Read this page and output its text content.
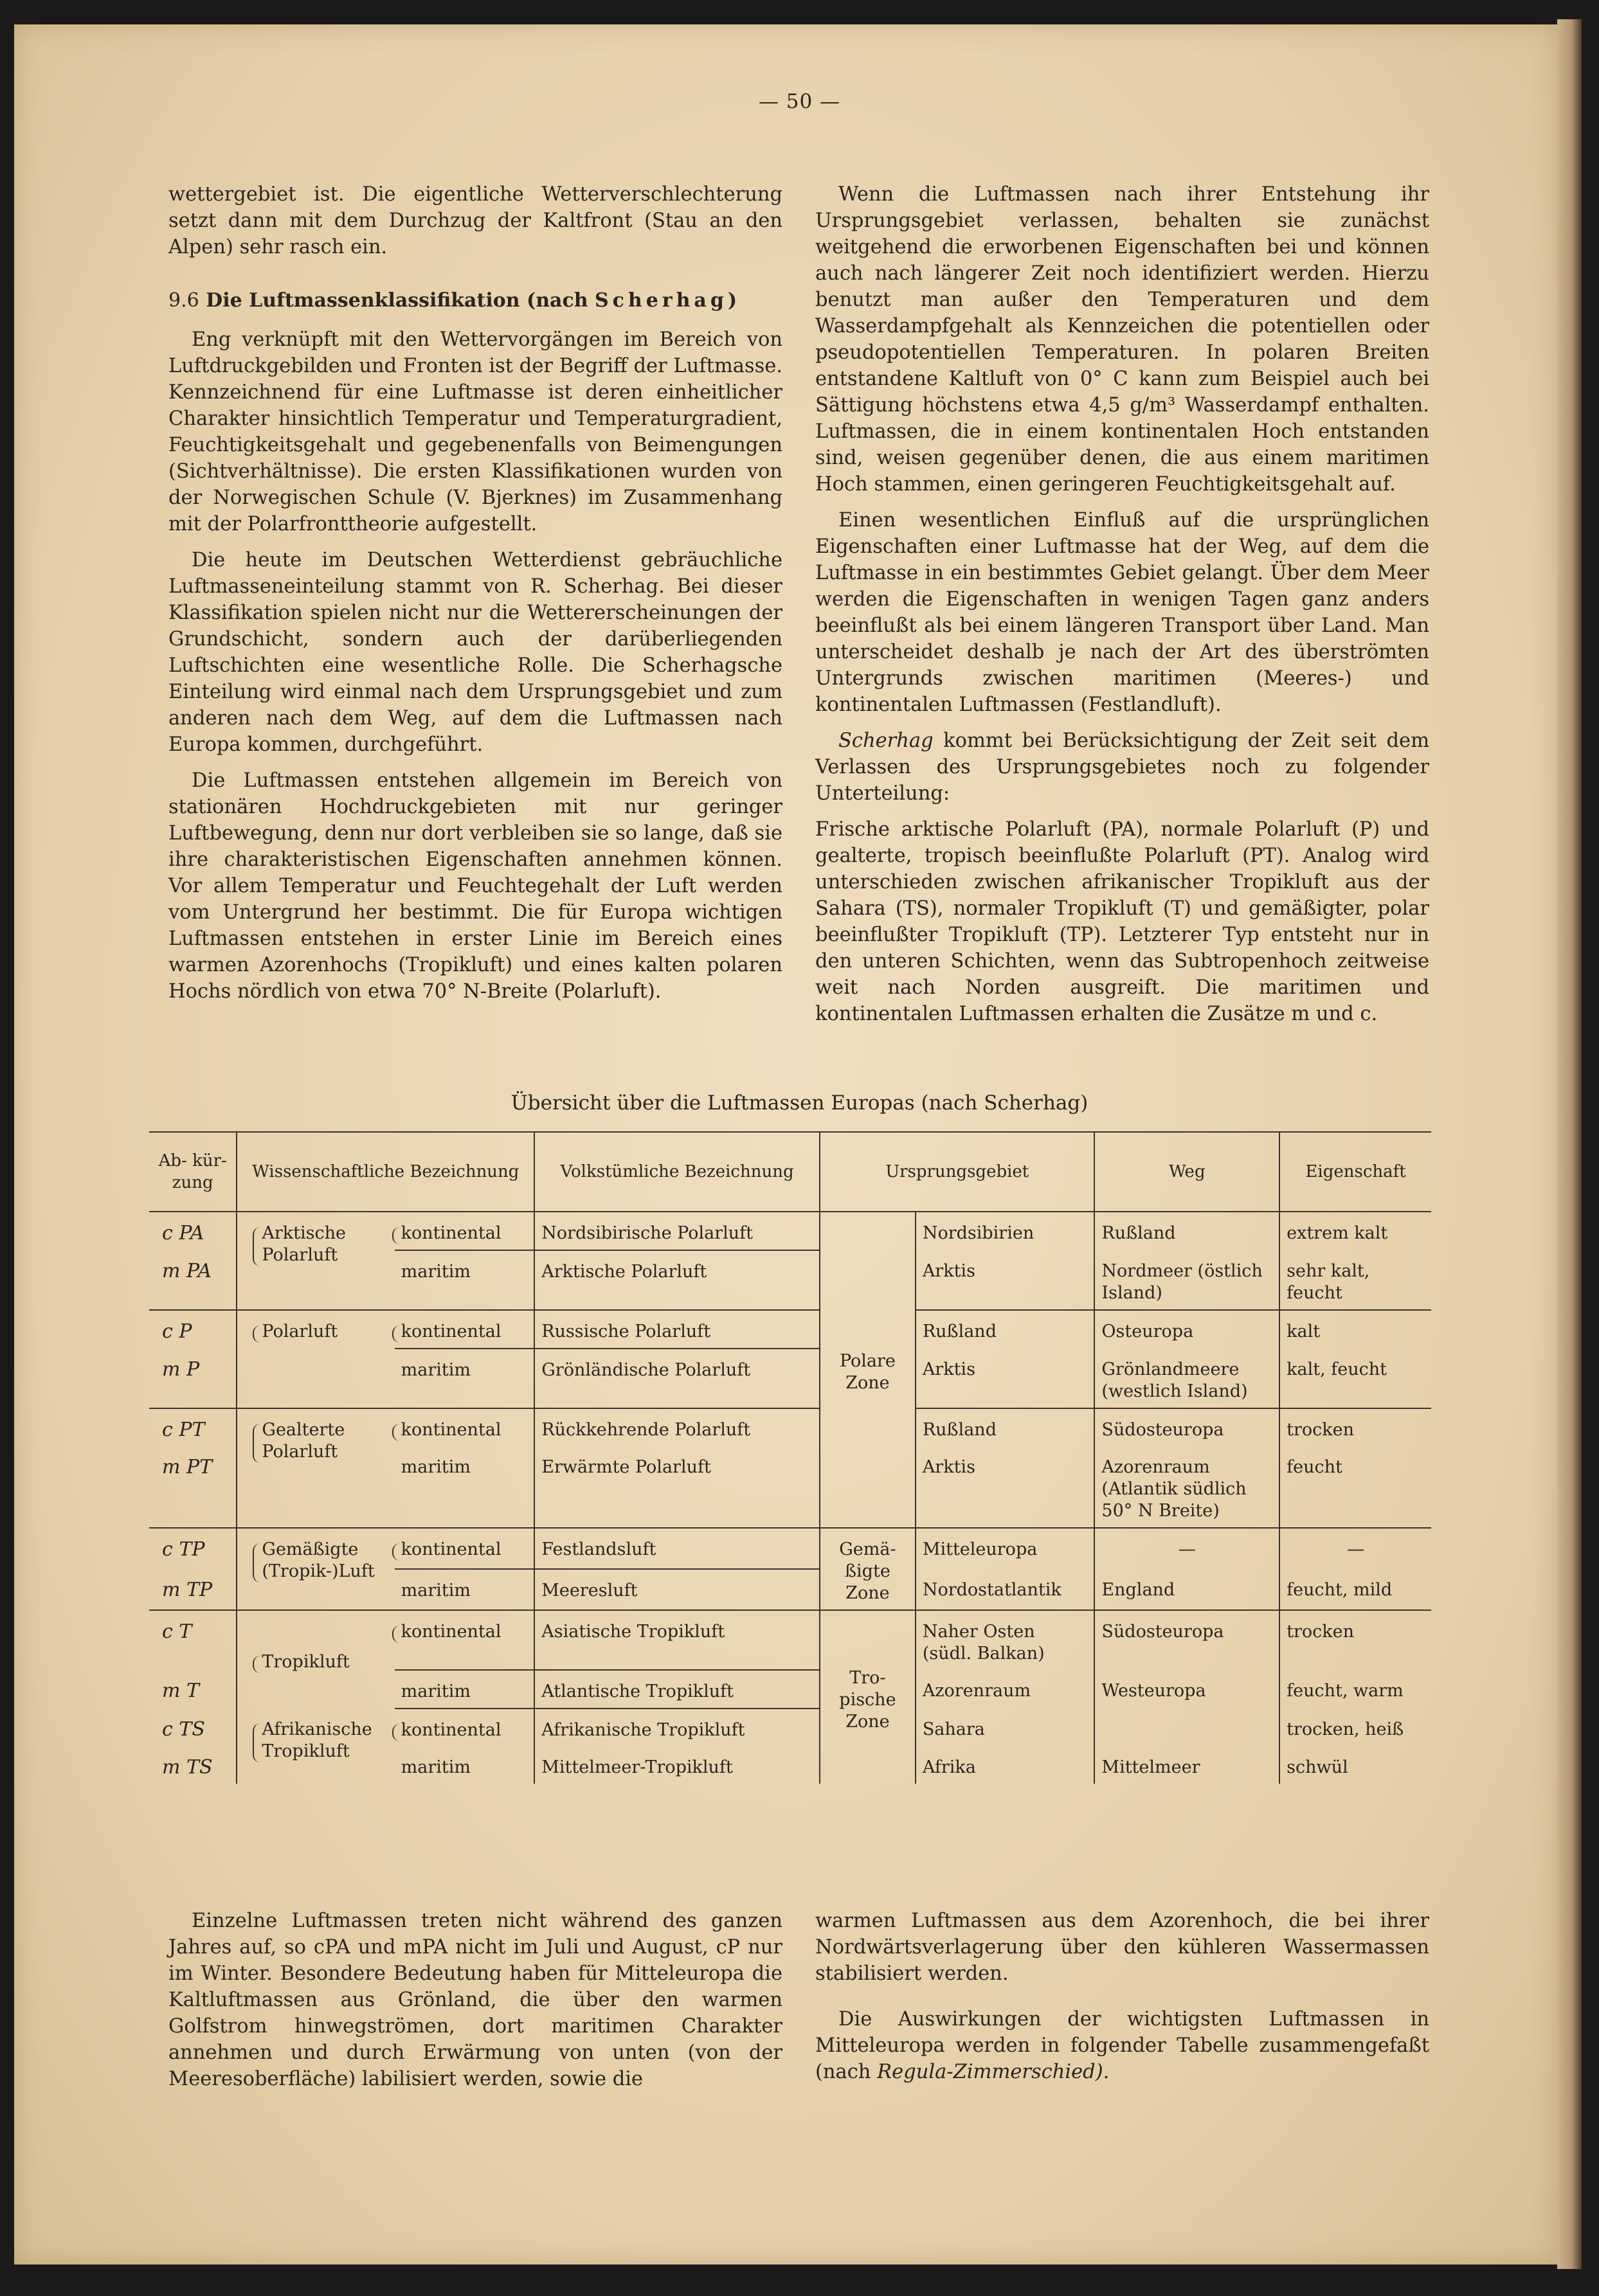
— 50 —

wettergebiet ist. Die eigentliche Wetterverschlechterung setzt dann mit dem Durchzug der Kaltfront (Stau an den Alpen) sehr rasch ein.

9.6 Die Luftmassenklassifikation (nach Scherhag)

Eng verknüpft mit den Wettervorgängen im Bereich von Luftdruckgebilden und Fronten ist der Begriff der Luftmasse. Kennzeichnend für eine Luftmasse ist deren einheitlicher Charakter hinsichtlich Temperatur und Temperaturgradient, Feuchtigkeitsgehalt und gegebenenfalls von Beimengungen (Sichtverhältnisse). Die ersten Klassifikationen wurden von der Norwegischen Schule (V. Bjerknes) im Zusammenhang mit der Polarfronttheorie aufgestellt.

Die heute im Deutschen Wetterdienst gebräuchliche Luftmasseneinteilung stammt von R. Scherhag. Bei dieser Klassifikation spielen nicht nur die Wettererscheinungen der Grundschicht, sondern auch der darüberliegenden Luftschichten eine wesentliche Rolle. Die Scherhagsche Einteilung wird einmal nach dem Ursprungsgebiet und zum anderen nach dem Weg, auf dem die Luftmassen nach Europa kommen, durchgeführt.

Die Luftmassen entstehen allgemein im Bereich von stationären Hochdruckgebieten mit nur geringer Luftbewegung, denn nur dort verbleiben sie so lange, daß sie ihre charakteristischen Eigenschaften annehmen können. Vor allem Temperatur und Feuchtegehalt der Luft werden vom Untergrund her bestimmt. Die für Europa wichtigen Luftmassen entstehen in erster Linie im Bereich eines warmen Azorenhochs (Tropikluft) und eines kalten polaren Hochs nördlich von etwa 70° N-Breite (Polarluft).

Wenn die Luftmassen nach ihrer Entstehung ihr Ursprungsgebiet verlassen, behalten sie zunächst weitgehend die erworbenen Eigenschaften bei und können auch nach längerer Zeit noch identifiziert werden. Hierzu benutzt man außer den Temperaturen und dem Wasserdampfgehalt als Kennzeichen die potentiellen oder pseudopotentiellen Temperaturen. In polaren Breiten entstandene Kaltluft von 0° C kann zum Beispiel auch bei Sättigung höchstens etwa 4,5 g/m³ Wasserdampf enthalten. Luftmassen, die in einem kontinentalen Hoch entstanden sind, weisen gegenüber denen, die aus einem maritimen Hoch stammen, einen geringeren Feuchtigkeitsgehalt auf.

Einen wesentlichen Einfluß auf die ursprünglichen Eigenschaften einer Luftmasse hat der Weg, auf dem die Luftmasse in ein bestimmtes Gebiet gelangt. Über dem Meer werden die Eigenschaften in wenigen Tagen ganz anders beeinflußt als bei einem längeren Transport über Land. Man unterscheidet deshalb je nach der Art des überströmten Untergrunds zwischen maritimen (Meeres-) und kontinentalen Luftmassen (Festlandluft).

Scherhag kommt bei Berücksichtigung der Zeit seit dem Verlassen des Ursprungsgebietes noch zu folgender Unterteilung:

Frische arktische Polarluft (PA), normale Polarluft (P) und gealterte, tropisch beeinflußte Polarluft (PT). Analog wird unterschieden zwischen afrikanischer Tropikluft aus der Sahara (TS), normaler Tropikluft (T) und gemäßigter, polar beeinflußter Tropikluft (TP). Letzterer Typ entsteht nur in den unteren Schichten, wenn das Subtropenhoch zeitweise weit nach Norden ausgreift. Die maritimen und kontinentalen Luftmassen erhalten die Zusätze m und c.

Übersicht über die Luftmassen Europas (nach Scherhag)
Ab- kür- zung	Wissenschaftliche Bezeichnung		Volkstümliche Bezeichnung	Ursprungsgebiet		Weg	Eigenschaft
c PA	Arktische Polarluft	kontinental	Nordsibirische Polarluft	Polare Zone	Nordsibirien	Rußland	extrem kalt
m PA		maritim	Arktische Polarluft		Arktis	Nordmeer (östlich Island)	sehr kalt, feucht
c P	Polarluft	kontinental	Russische Polarluft		Rußland	Osteuropa	kalt
m P		maritim	Grönländische Polarluft		Arktis	Grönlandmeere (westlich Island)	kalt, feucht
c PT	Gealterte Polarluft	kontinental	Rückkehrende Polarluft		Rußland	Südosteuropa	trocken
m PT		maritim	Erwärmte Polarluft		Arktis	Azorenraum (Atlantik südlich 50° N Breite)	feucht
c TP	Gemäßigte (Tropik-)Luft	kontinental	Festlandsluft	Gemä- ßigte Zone	Mitteleuropa	—	—
m TP		maritim	Meeresluft		Nordostatlantik	England	feucht, mild
c T	Tropikluft	kontinental	Asiatische Tropikluft	Tro- pische Zone	Naher Osten (südl. Balkan)	Südosteuropa	trocken
m T		maritim	Atlantische Tropikluft		Azorenraum	Westeuropa	feucht, warm
c TS	Afrikanische Tropikluft	kontinental	Afrikanische Tropikluft		Sahara		trocken, heiß
m TS		maritim	Mittelmeer-Tropikluft		Afrika	Mittelmeer	schwül

Einzelne Luftmassen treten nicht während des ganzen Jahres auf, so cPA und mPA nicht im Juli und August, cP nur im Winter. Besondere Bedeutung haben für Mitteleuropa die Kaltluftmassen aus Grönland, die über den warmen Golfstrom hinwegströmen, dort maritimen Charakter annehmen und durch Erwärmung von unten (von der Meeresoberfläche) labilisiert werden, sowie die

warmen Luftmassen aus dem Azorenhoch, die bei ihrer Nordwärtsverlagerung über den kühleren Wassermassen stabilisiert werden.

Die Auswirkungen der wichtigsten Luftmassen in Mitteleuropa werden in folgender Tabelle zusammengefaßt (nach Regula-Zimmerschied).
